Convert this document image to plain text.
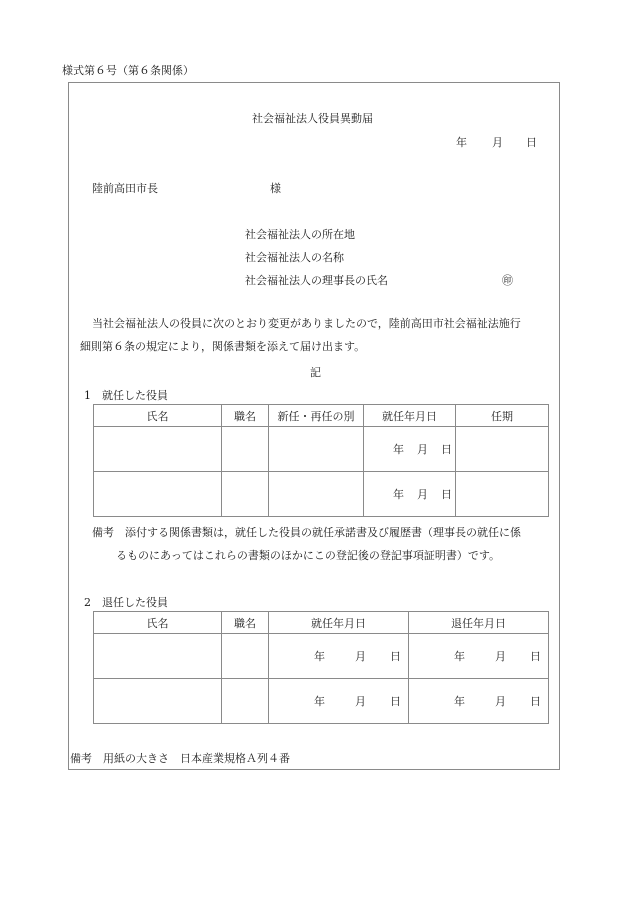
様式第６号（第６条関係）
社会福祉法人役員異動届
年 月 日
陸前高田市長	様
社会福祉法人の所在地
社会福祉法人の名称
社会福祉法人の理事長の氏名	㊞
当社会福祉法人の役員に次のとおり変更がありましたので，陸前高田市社会福祉法施行
細則第６条の規定により，関係書類を添えて届け出ます。
記
1　就任した役員
氏名	職名	新任・再任の別	就任年月日	任期

			年 月 日	

			年 月 日	

備考　添付する関係書類は，就任した役員の就任承諾書及び履歴書（理事長の就任に係
るものにあってはこれらの書類のほかにこの登記後の登記事項証明書）です。
2　退任した役員
氏名	職名	就任年月日	退任年月日

		年 月 日	年 月 日

		年 月 日	年 月 日
備考　用紙の大きさ　日本産業規格Ａ列４番
